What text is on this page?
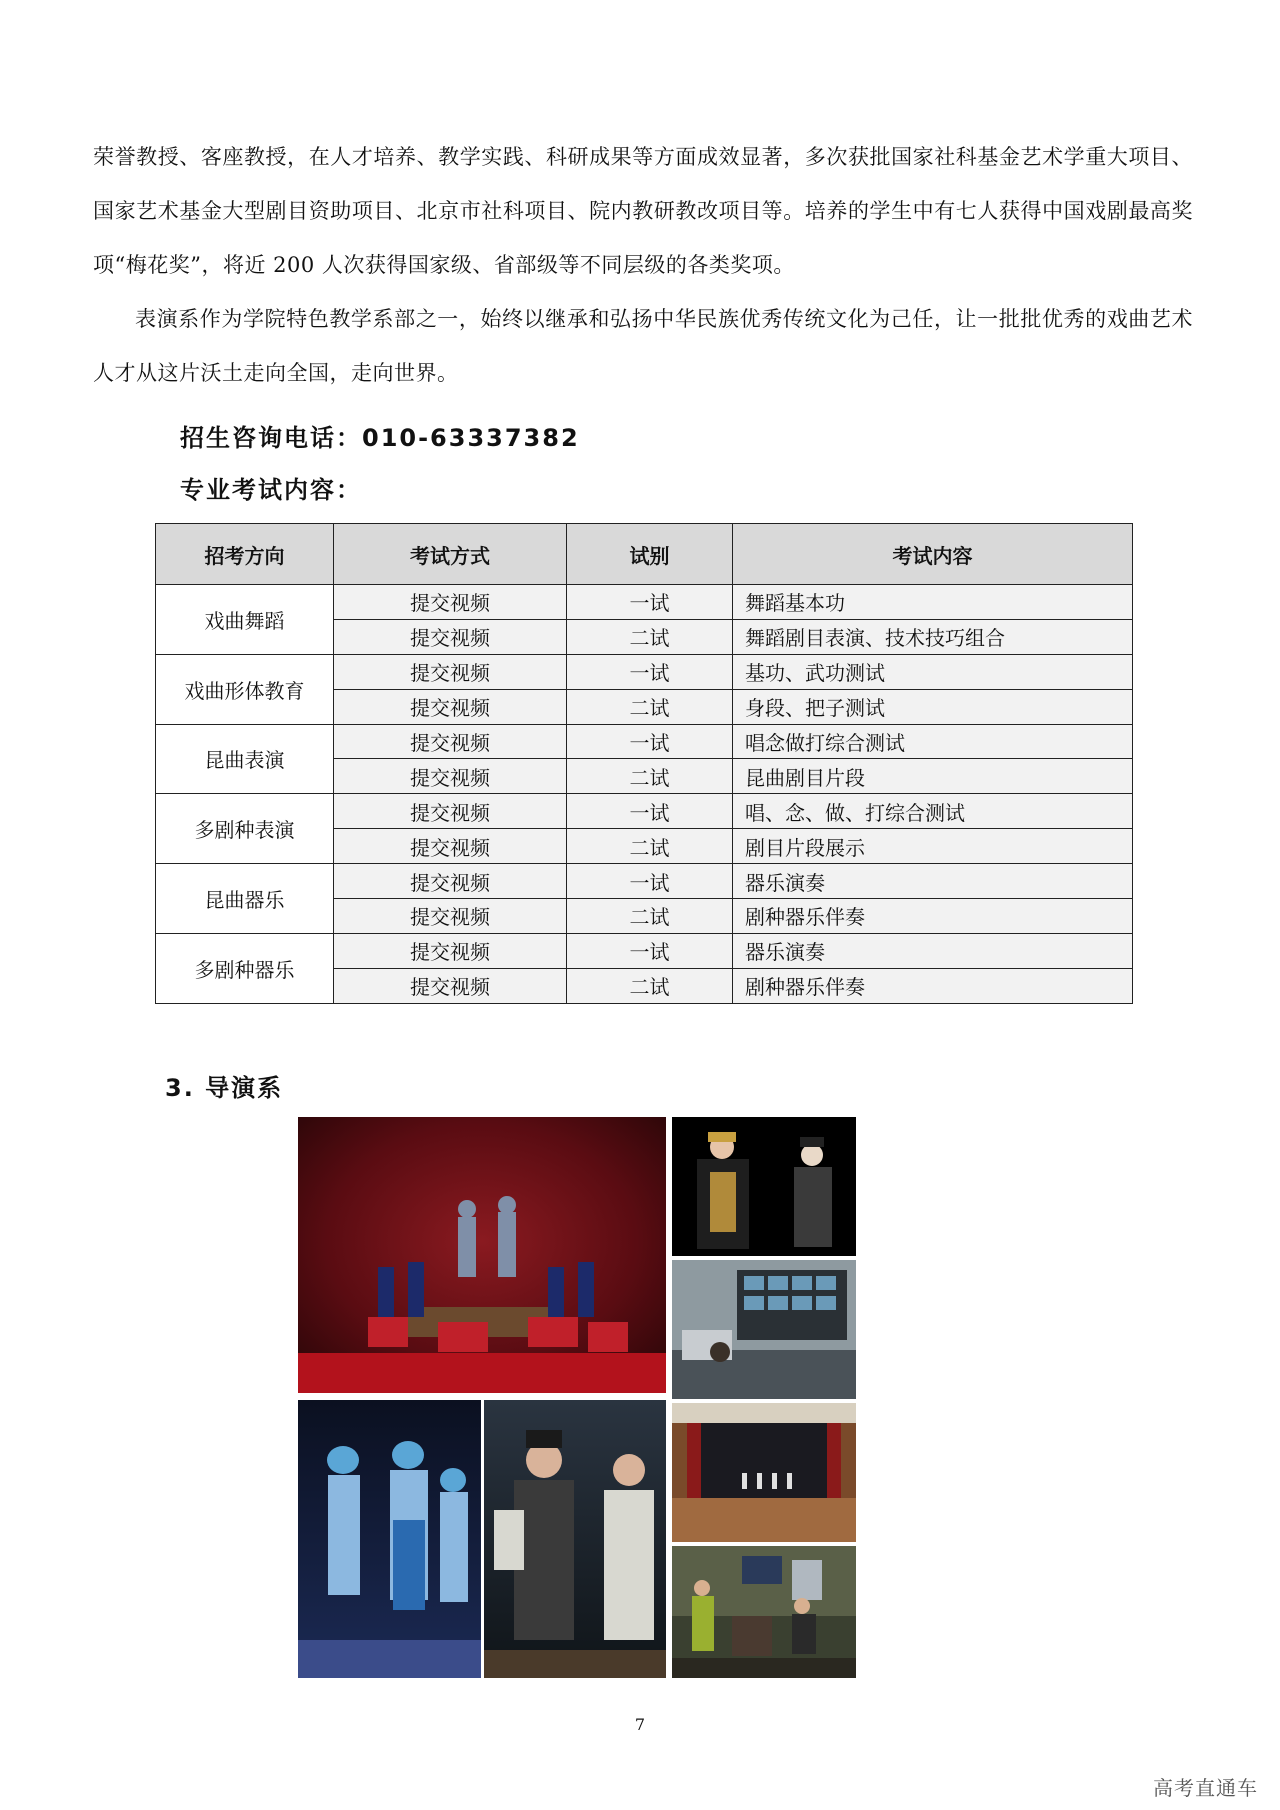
荣誉教授、客座教授，在人才培养、教学实践、科研成果等方面成效显著，多次获批国家社科基金艺术学重大项目、国家艺术基金大型剧目资助项目、北京市社科项目、院内教研教改项目等。培养的学生中有七人获得中国戏剧最高奖项“梅花奖”，将近 200 人次获得国家级、省部级等不同层级的各类奖项。

表演系作为学院特色教学系部之一，始终以继承和弘扬中华民族优秀传统文化为己任，让一批批优秀的戏曲艺术人才从这片沃土走向全国，走向世界。

招生咨询电话：010-63337382
专业考试内容：
招考方向	考试方式	试别	考试内容
戏曲舞蹈	提交视频	一试	舞蹈基本功
	提交视频	二试	舞蹈剧目表演、技术技巧组合
戏曲形体教育	提交视频	一试	基功、武功测试
	提交视频	二试	身段、把子测试
昆曲表演	提交视频	一试	唱念做打综合测试
	提交视频	二试	昆曲剧目片段
多剧种表演	提交视频	一试	唱、念、做、打综合测试
	提交视频	二试	剧目片段展示
昆曲器乐	提交视频	一试	器乐演奏
	提交视频	二试	剧种器乐伴奏
多剧种器乐	提交视频	一试	器乐演奏
	提交视频	二试	剧种器乐伴奏
3. 导演系
7
高考直通车
